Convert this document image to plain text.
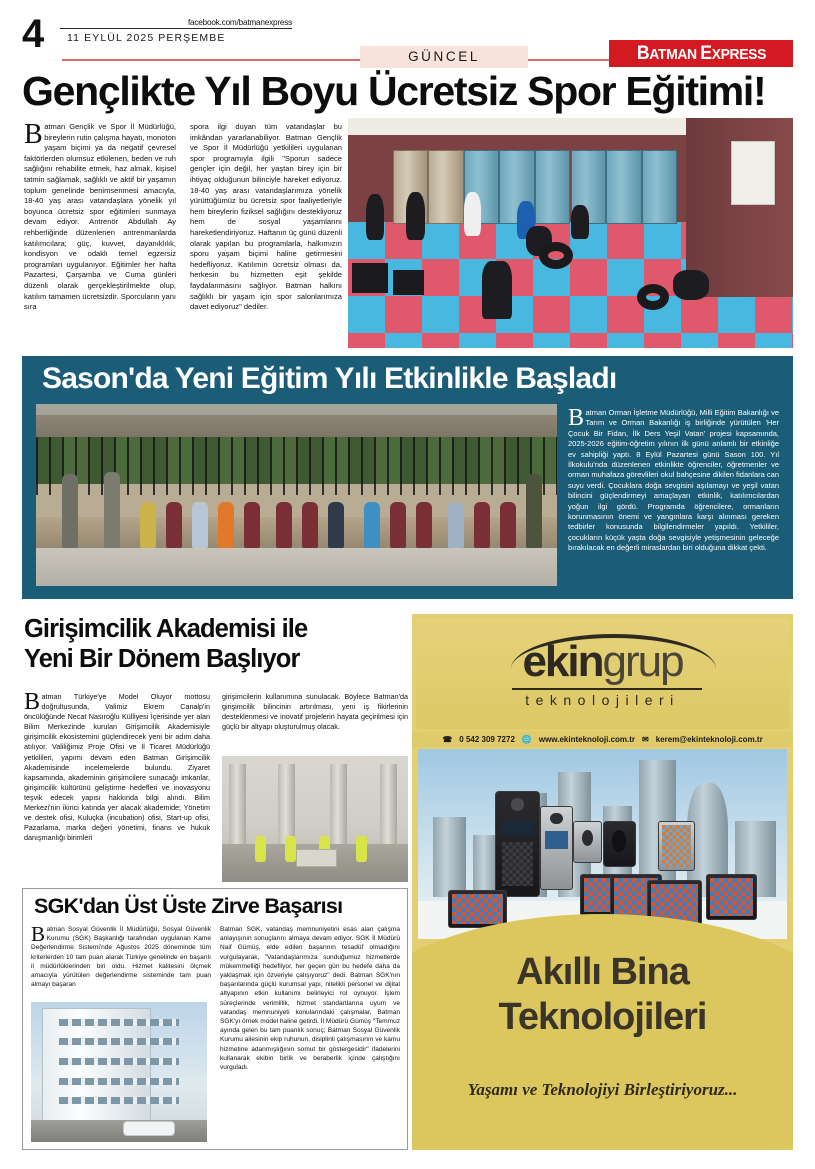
4	facebook.com/batmanexpress
11 EYLÜL 2025 PERŞEMBE
GÜNCEL	BATMAN EXPRESS
Gençlikte Yıl Boyu Ücretsiz Spor Eğitimi!
Batman Gençlik ve Spor İl Müdürlüğü, bireylerin rutin çalışma hayatı, monoton yaşam biçimi ya da negatif çevresel faktörlerden olumsuz etkilenen, beden ve ruh sağlığını rehabilite etmek, haz almak, kişisel tatmin sağlamak, sağlıklı ve aktif bir yaşamın toplum genelinde benimsenmesi amacıyla, 18-40 yaş arası vatandaşlara yönelik yıl boyunca ücretsiz spor eğitimleri sunmaya devam ediyor. Antrenör Abdullah Ay rehberliğinde düzenlenen antrenmanlarda katılımcılara; güç, kuvvet, dayanıklılık, kondisyon ve odaklı temel egzersiz programları uygulanıyor. Eğitimler her hafta Pazartesi, Çarşamba ve Cuma günleri düzenli olarak gerçekleştirilmekte olup, katılım tamamen ücretsizdir. Sporcuların yanı sıra
spora ilgi duyan tüm vatandaşlar bu imkândan yararlanabiliyor. Batman Gençlik ve Spor İl Müdürlüğü yetkilileri uygulanan spor programıyla ilgili "Sporun sadece gençler için değil, her yaştan birey için bir ihtiyaç olduğunun bilinciyle hareket ediyoruz. 18-40 yaş arası vatandaşlarımıza yönelik yürüttüğümüz bu ücretsiz spor faaliyetleriyle hem bireylerin fiziksel sağlığını destekliyoruz hem de sosyal yaşamlarını hareketlendiriyoruz. Haftanın üç günü düzenli olarak yapılan bu programlarla, halkımızın sporu yaşam biçimi haline getirmesini hedefliyoruz. Katılımın ücretsiz olması da, herkesin bu hizmetten eşit şekilde faydalanmasını sağlıyor. Batman halkını sağlıklı bir yaşam için spor salonlarımıza davet ediyoruz" dediler.
Sason'da Yeni Eğitim Yılı Etkinlikle Başladı
Batman Orman İşletme Müdürlüğü, Milli Eğitim Bakanlığı ve Tarım ve Orman Bakanlığı iş birliğinde yürütülen 'Her Çocuk Bir Fidan, İlk Ders Yeşil Vatan' projesi kapsamında, 2025-2026 eğitim-öğretim yılının ilk günü anlamlı bir etkinliğe ev sahipliği yaptı. 8 Eylül Pazartesi günü Sason 100. Yıl İlkokulu'nda düzenlenen etkinlikte öğrenciler, öğretmenler ve orman muhafaza görevlileri okul bahçesine dikilen fidanlara can suyu verdi. Çocuklara doğa sevgisini aşılamayı ve yeşil vatan bilincini güçlendirmeyi amaçlayan etkinlik, katılımcılardan yoğun ilgi gördü. Programda öğrencilere, ormanların korunmasının önemi ve yangınlara karşı alınması gereken tedbirler konusunda bilgilendirmeler yapıldı. Yetkililer, çocukların küçük yaşta doğa sevgisiyle yetişmesinin geleceğe bırakılacak en değerli miraslardan biri olduğuna dikkat çekti.
Girişimcilik Akademisi ile
Yeni Bir Dönem Başlıyor
Batman Türkiye'ye Model Oluyor mottosu doğrultusunda, Valimiz Ekrem Canalp'in öncülüğünde Necat Nasıroğlu Külliyesi İçerisinde yer alan Bilim Merkezinde kurulan Girişimcilik Akademisiyle girişimcilik ekosistemini güçlendirecek yeni bir adım daha atılıyor. Valiliğimiz Proje Ofisi ve İl Ticaret Müdürlüğü yetkilileri, yapımı devam eden Batman Girişimcilik Akademisinde incelemelerde bulundu. Ziyaret kapsamında, akademinin girişimcilere sunacağı imkanlar, girişimcilik kültürünü geliştirme hedefleri ve inovasyonu teşvik edecek yapısı hakkında bilgi alındı. Bilim Merkezi'nin ikinci katında yer alacak akademide; Yönetim ve destek ofisi, Kuluçka (incubation) ofisi, Start-up ofisi, Pazarlama, marka değeri yönetimi, finans ve hukuk danışmanlığı birimleri
girişimcilerin kullanımına sunulacak. Böylece Batman'da girişimcilik bilincinin artırılması, yeni iş fikirlerinin desteklenmesi ve inovatif projelerin hayata geçirilmesi için güçlü bir altyapı oluşturulmuş olacak.
SGK'dan Üst Üste Zirve Başarısı
Batman Sosyal Güvenlik İl Müdürlüğü, Sosyal Güvenlik Kurumu (SGK) Başkanlığı tarafından uygulanan Kame Değerlendirme Sistemi'nde Ağustos 2025 döneminde tüm kriterlerden 10 tam puan alarak Türkiye genelinde en başarılı il müdürlüklerinden biri oldu. Hizmet kalitesini ölçmek amacıyla yürütülen değerlendirme sisteminde tam puan almayı başaran
Batman SGK, vatandaş memnuniyetini esas alan çalışma anlayışının sonuçlarını almaya devam ediyor. SGK İl Müdürü Naif Gümüş, elde edilen başarının tesadüf olmadığını vurgulayarak, "Vatandaşlarımıza sunduğumuz hizmetlerde mükemmelliği hedefliyor, her geçen gün bu hedefe daha da yaklaşmak için özveriyle çalışıyoruz" dedi. Batman SGK'nın başarılarında güçlü kurumsal yapı, nitelikli personel ve dijital altyapının etkin kullanımı belirleyici rol oynuyor. İşlem süreçlerinde verimlilik, hizmet standartlarına uyum ve vatandaş memnuniyeti konularındaki çalışmalar, Batman SGK'yı örnek model haline getirdi. İl Müdürü Gümüş "Temmuz ayında gelen bu tam puanlık sonuç; Batman Sosyal Güvenlik Kurumu ailesinin ekip ruhunun, disiplinli çalışmasının ve kamu hizmetine adanmışlığının somut bir göstergesidir" ifadelerini kullanarak ekibin birlik ve beraberlik içinde çalıştığını vurguladı.
ekingrup
teknolojileri
☎ 0 542 309 7272 🌐 www.ekinteknoloji.com.tr ✉ kerem@ekinteknoloji.com.tr
Akıllı Bina
Teknolojileri
Yaşamı ve Teknolojiyi Birleştiriyoruz...
